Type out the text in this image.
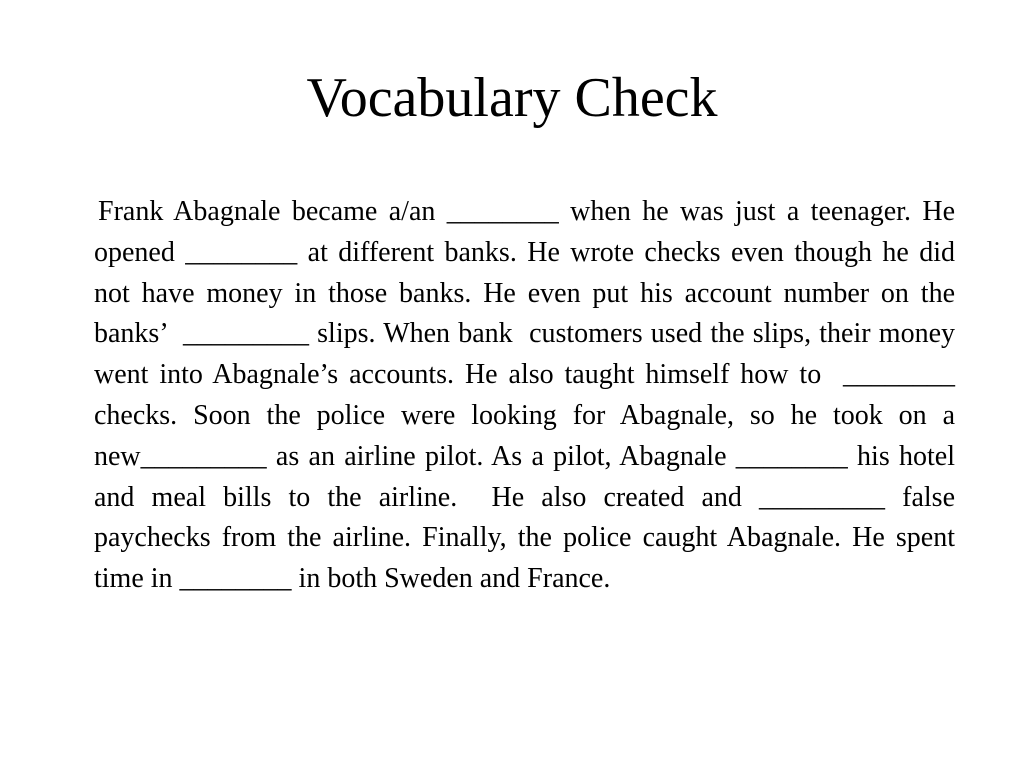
Vocabulary Check

Frank Abagnale became a/an ________ when he was just a teenager. He opened ________ at different banks. He wrote checks even though he did not have money in those banks. He even put his account number on the banks’  _________ slips. When bank  customers used the slips, their money went into Abagnale’s accounts. He also taught himself how to  ________ checks. Soon the police were looking for Abagnale, so he took on a new_________ as an airline pilot. As a pilot, Abagnale ________ his hotel and meal bills to the airline.  He also created and _________ false paychecks from the airline. Finally, the police caught Abagnale. He spent time in ________ in both Sweden and France.
